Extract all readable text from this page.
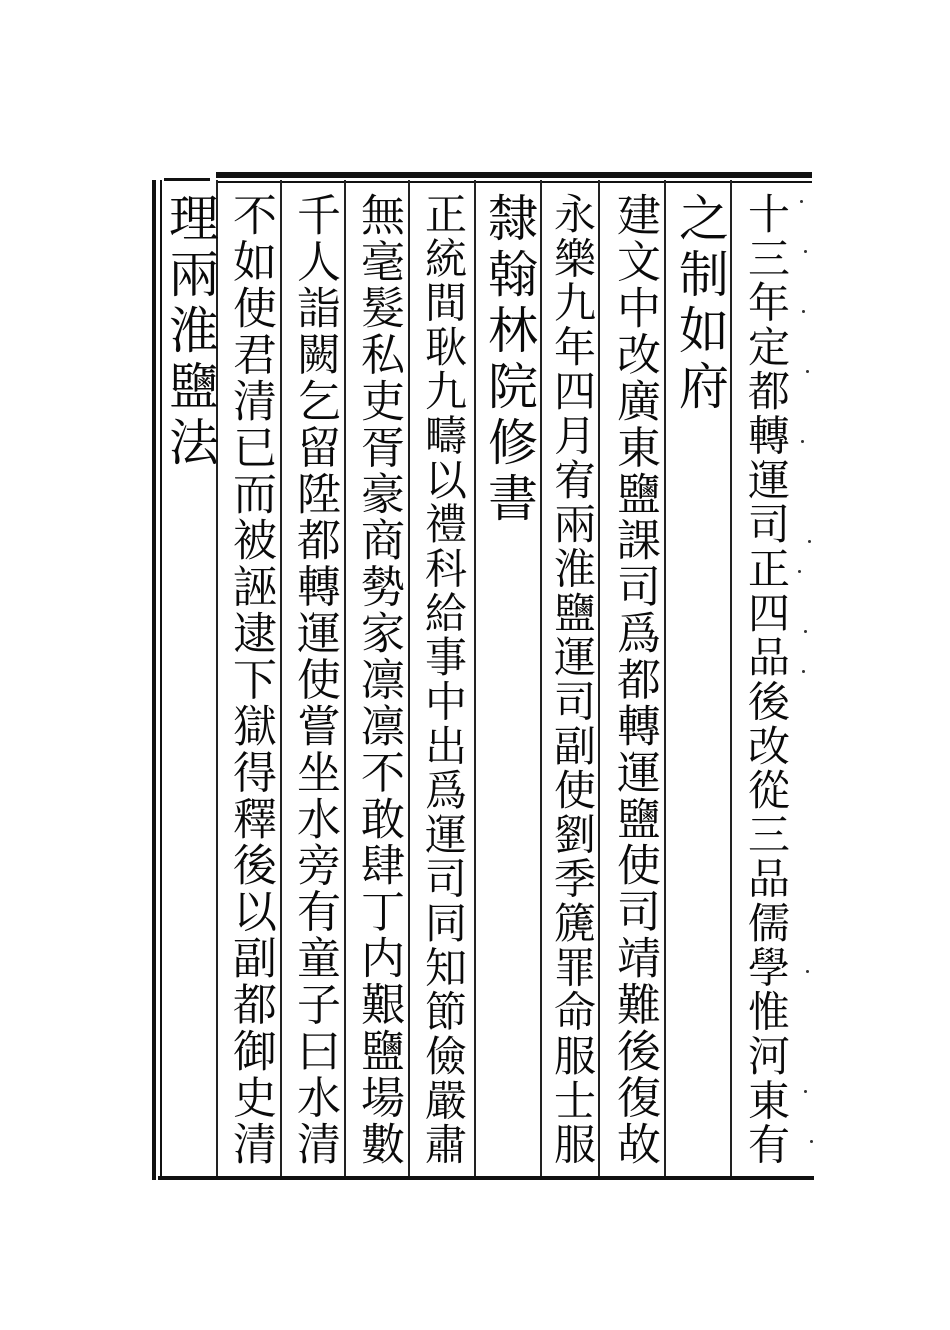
十三年定都轉運司正四品後改從三品儒學惟河東有
之制如府
建文中改廣東鹽課司爲都轉運鹽使司靖難後復故
永樂九年四月宥兩淮鹽運司副使劉季篪罪命服士服
隸翰林院修書
正統間耿九疇以禮科給事中出爲運司同知節儉嚴肅
無毫髮私吏胥豪商勢家凛凛不敢肆丁内艱鹽場數
千人詣闕乞留陞都轉運使嘗坐水旁有童子曰水清
不如使君清已而被誣逮下獄得釋後以副都御史清
理兩淮鹽法
